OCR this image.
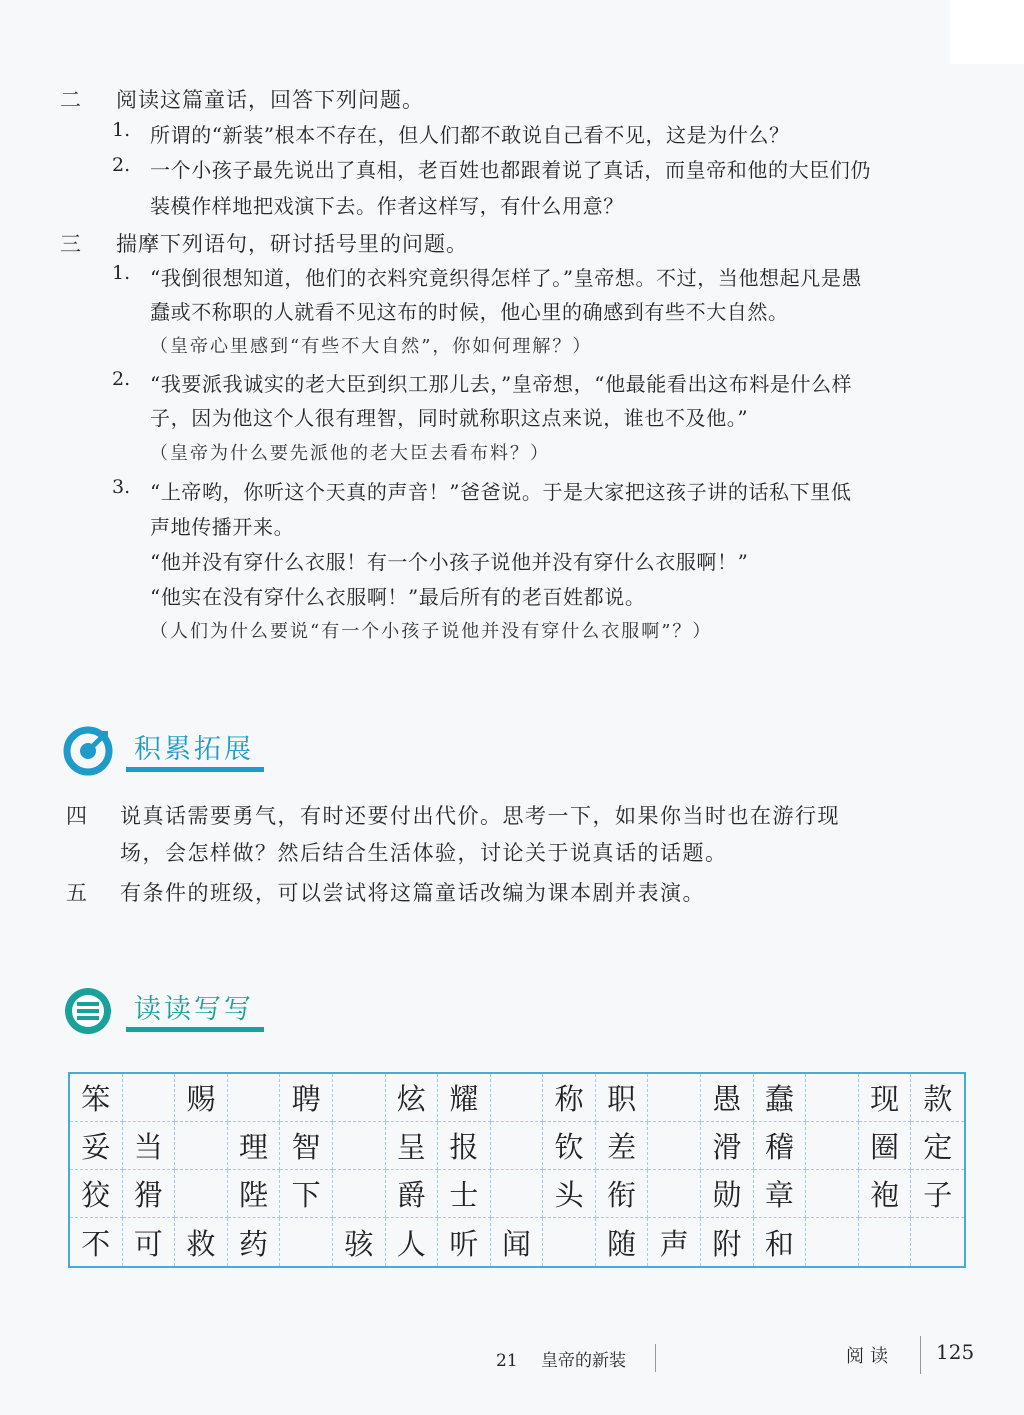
二 阅读这篇童话，回答下列问题。
1. 所谓的“新装”根本不存在，但人们都不敢说自己看不见，这是为什么？
2. 一个小孩子最先说出了真相，老百姓也都跟着说了真话，而皇帝和他的大臣们仍
装模作样地把戏演下去。作者这样写，有什么用意？
三 揣摩下列语句，研讨括号里的问题。
1. “我倒很想知道，他们的衣料究竟织得怎样了。”皇帝想。不过，当他想起凡是愚
蠢或不称职的人就看不见这布的时候，他心里的确感到有些不大自然。
（皇帝心里感到“有些不大自然”，你如何理解？）
2. “我要派我诚实的老大臣到织工那儿去，”皇帝想，“他最能看出这布料是什么样
子，因为他这个人很有理智，同时就称职这点来说，谁也不及他。”
（皇帝为什么要先派他的老大臣去看布料？）
3. “上帝哟，你听这个天真的声音！”爸爸说。于是大家把这孩子讲的话私下里低
声地传播开来。
“他并没有穿什么衣服！有一个小孩子说他并没有穿什么衣服啊！”
“他实在没有穿什么衣服啊！”最后所有的老百姓都说。
（人们为什么要说“有一个小孩子说他并没有穿什么衣服啊”？）
积累拓展
四 说真话需要勇气，有时还要付出代价。思考一下，如果你当时也在游行现
场，会怎样做？然后结合生活体验，讨论关于说真话的话题。
五 有条件的班级，可以尝试将这篇童话改编为课本剧并表演。
读读写写
笨	赐	聘	炫 耀	称 职	愚 蠢	现 款
妥 当	理 智	呈 报	钦 差	滑 稽	圈 定
狡 猾	陛 下	爵 士	头 衔	勋 章	袍 子
不 可 救 药	骇 人 听 闻	随 声 附 和
21 皇帝的新装	阅读 125
